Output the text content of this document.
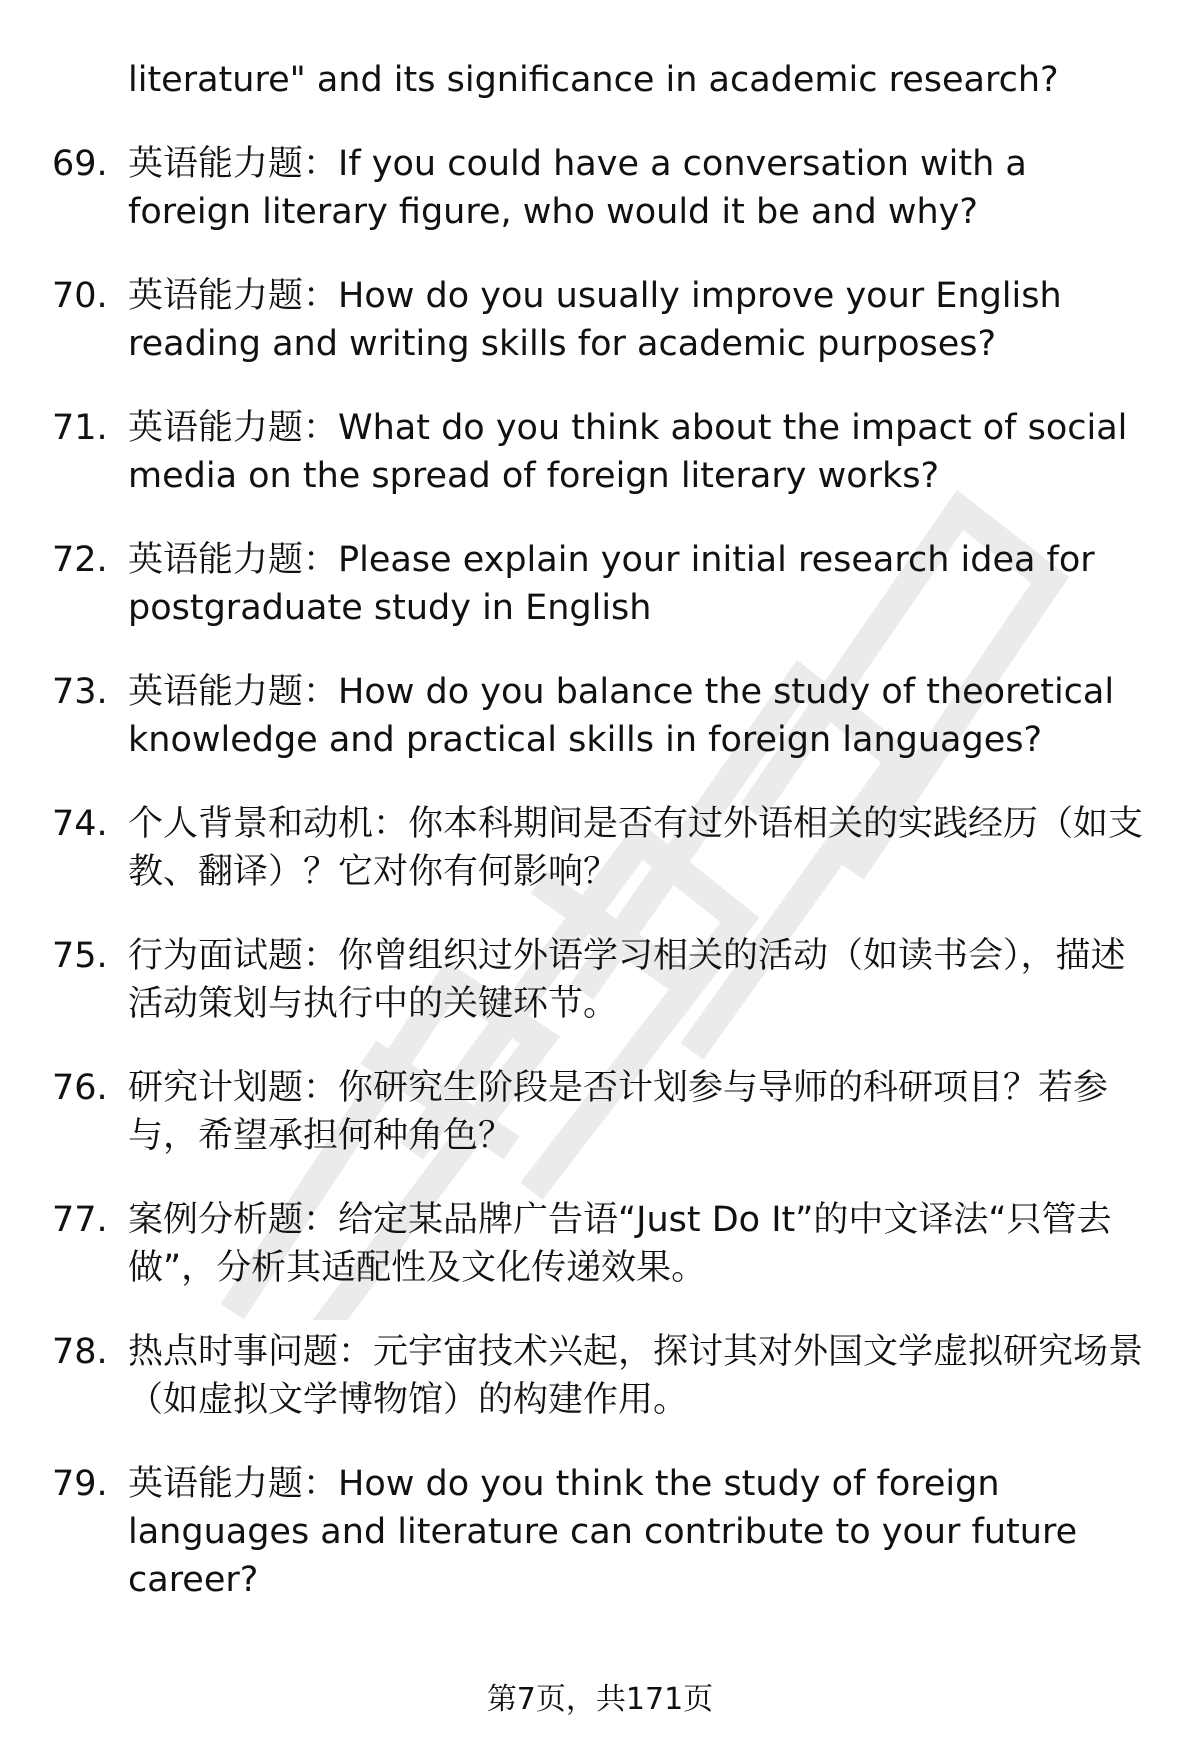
literature" and its significance in academic research?
69. 英语能力题：If you could have a conversation with a foreign literary figure, who would it be and why?
70. 英语能力题：How do you usually improve your English reading and writing skills for academic purposes?
71. 英语能力题：What do you think about the impact of social media on the spread of foreign literary works?
72. 英语能力题：Please explain your initial research idea for postgraduate study in English
73. 英语能力题：How do you balance the study of theoretical knowledge and practical skills in foreign languages?
74. 个人背景和动机：你本科期间是否有过外语相关的实践经历（如支教、翻译）？它对你有何影响？
75. 行为面试题：你曾组织过外语学习相关的活动（如读书会），描述活动策划与执行中的关键环节。
76. 研究计划题：你研究生阶段是否计划参与导师的科研项目？若参与，希望承担何种角色？
77. 案例分析题：给定某品牌广告语“Just Do It”的中文译法“只管去做”，分析其适配性及文化传递效果。
78. 热点时事问题：元宇宙技术兴起，探讨其对外国文学虚拟研究场景（如虚拟文学博物馆）的构建作用。
79. 英语能力题：How do you think the study of foreign languages and literature can contribute to your future career?
第7页，共171页
